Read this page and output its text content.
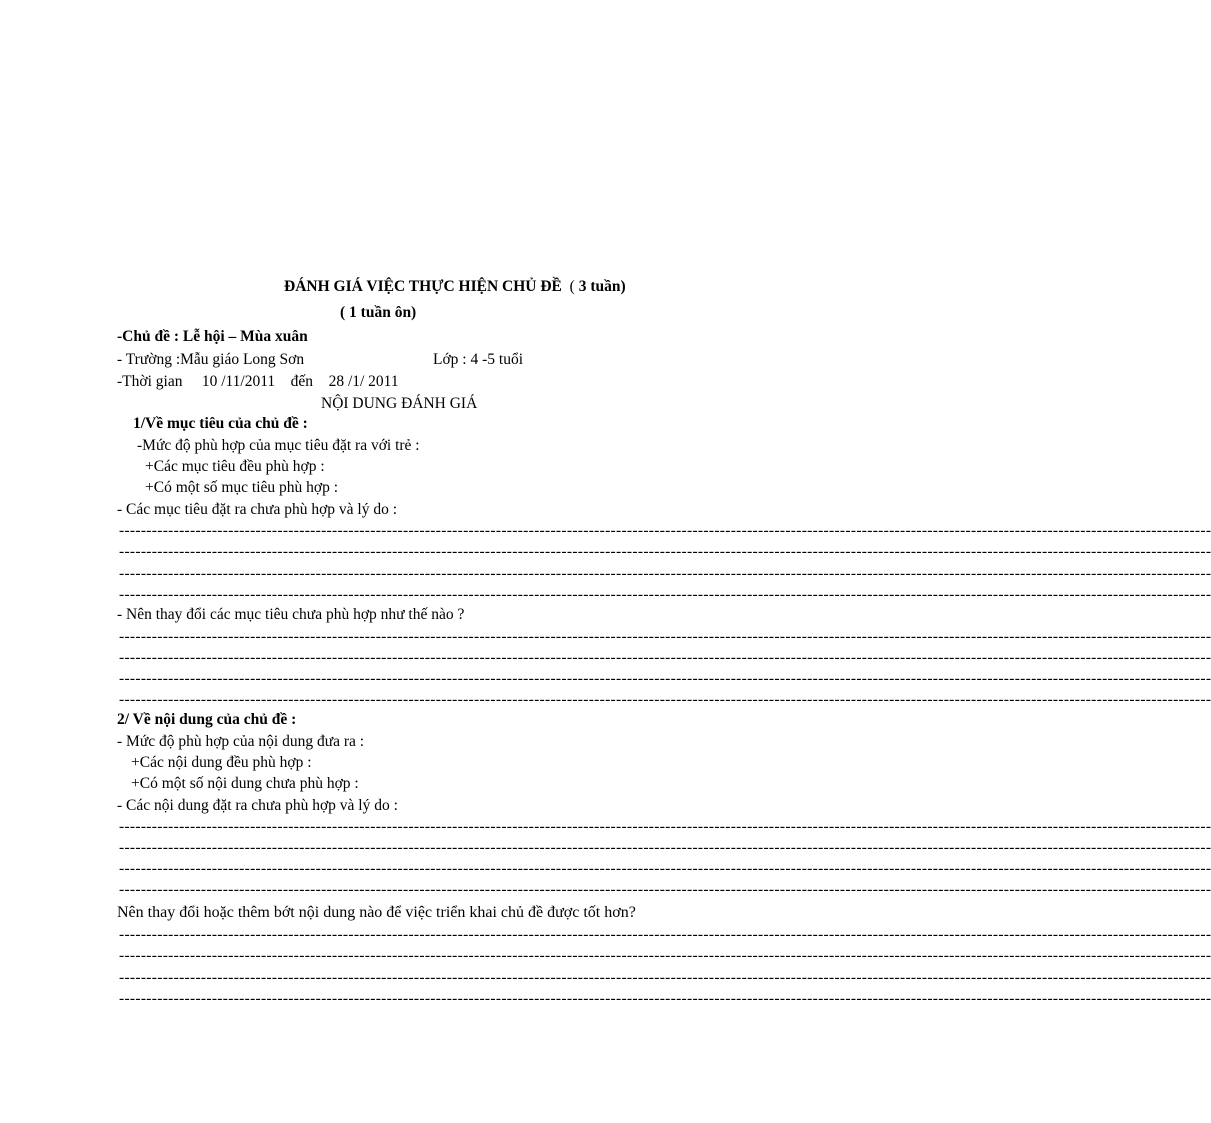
ĐÁNH GIÁ VIỆC THỰC HIỆN CHỦ ĐỀ ( 3 tuần)
( 1 tuần ôn)
-Chủ đề : Lễ hội – Mùa xuân
- Trường :Mẫu giáo Long Sơn	Lớp : 4 -5 tuổi
-Thời gian 10 /11/2011 đến 28 /1/ 2011
NỘI DUNG ĐÁNH GIÁ
1/Về mục tiêu của chủ đề :
-Mức độ phù hợp của mục tiêu đặt ra với trẻ :
+Các mục tiêu đều phù hợp :
+Có một số mục tiêu phù hợp :
- Các mục tiêu đặt ra chưa phù hợp và lý do :
--------------------------------------------------------------------------------------------------------------------------------------------------------------------------------------------------------
--------------------------------------------------------------------------------------------------------------------------------------------------------------------------------------------------------
--------------------------------------------------------------------------------------------------------------------------------------------------------------------------------------------------------
--------------------------------------------------------------------------------------------------------------------------------------------------------------------------------------------------------
- Nên thay đổi các mục tiêu chưa phù hợp như thế nào ?
--------------------------------------------------------------------------------------------------------------------------------------------------------------------------------------------------------
--------------------------------------------------------------------------------------------------------------------------------------------------------------------------------------------------------
--------------------------------------------------------------------------------------------------------------------------------------------------------------------------------------------------------
--------------------------------------------------------------------------------------------------------------------------------------------------------------------------------------------------------
2/ Về nội dung của chủ đề :
- Mức độ phù hợp của nội dung đưa ra :
+Các nội dung đều phù hợp :
+Có một số nội dung chưa phù hợp :
- Các nội dung đặt ra chưa phù hợp và lý do :
--------------------------------------------------------------------------------------------------------------------------------------------------------------------------------------------------------
--------------------------------------------------------------------------------------------------------------------------------------------------------------------------------------------------------
--------------------------------------------------------------------------------------------------------------------------------------------------------------------------------------------------------
--------------------------------------------------------------------------------------------------------------------------------------------------------------------------------------------------------
Nên thay đổi hoặc thêm bớt nội dung nào để việc triển khai chủ đề được tốt hơn?
--------------------------------------------------------------------------------------------------------------------------------------------------------------------------------------------------------
--------------------------------------------------------------------------------------------------------------------------------------------------------------------------------------------------------
--------------------------------------------------------------------------------------------------------------------------------------------------------------------------------------------------------
--------------------------------------------------------------------------------------------------------------------------------------------------------------------------------------------------------
